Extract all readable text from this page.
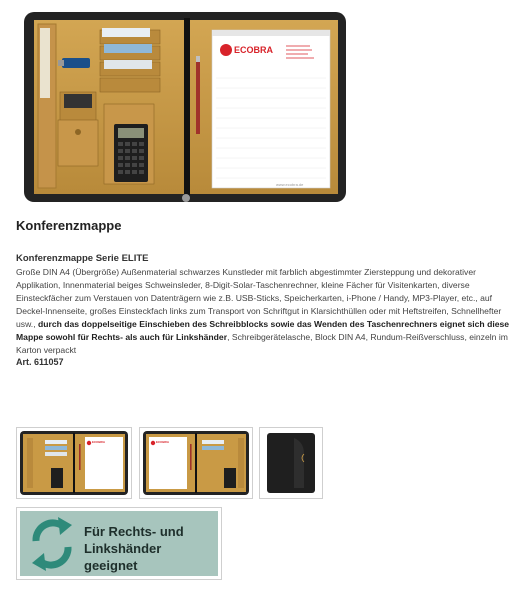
ECOBRA
www.ecobra.de
Konferenzmappe
Konferenzmappe Serie ELITE

Große DIN A4 (Übergröße) Außenmaterial schwarzes Kunstleder mit farblich abgestimmter Ziersteppung und dekorativer Applikation, Innenmaterial beiges Schweinsleder, 8-Digit-Solar-Taschenrechner, kleine Fächer für Visitenkarten, diverse Einsteckfächer zum Verstauen von Datenträgern wie z.B. USB-Sticks, Speicherkarten, i-Phone / Handy, MP3-Player, etc., auf Deckel-Innenseite, großes Einsteckfach links zum Transport von Schriftgut in Klarsichthüllen oder mit Heftstreifen, Schnellhefter usw., durch das doppelseitige Einschieben des Schreibblocks sowie das Wenden des Taschenrechners eignet sich diese Mappe sowohl für Rechts- als auch für Linkshänder, Schreibgerätelasche, Block DIN A4, Rundum-Reißverschluss, einzeln im Karton verpackt

Art. 611057
ECOBRA	ECOBRA
Für Rechts- und
Linkshänder geeignet
